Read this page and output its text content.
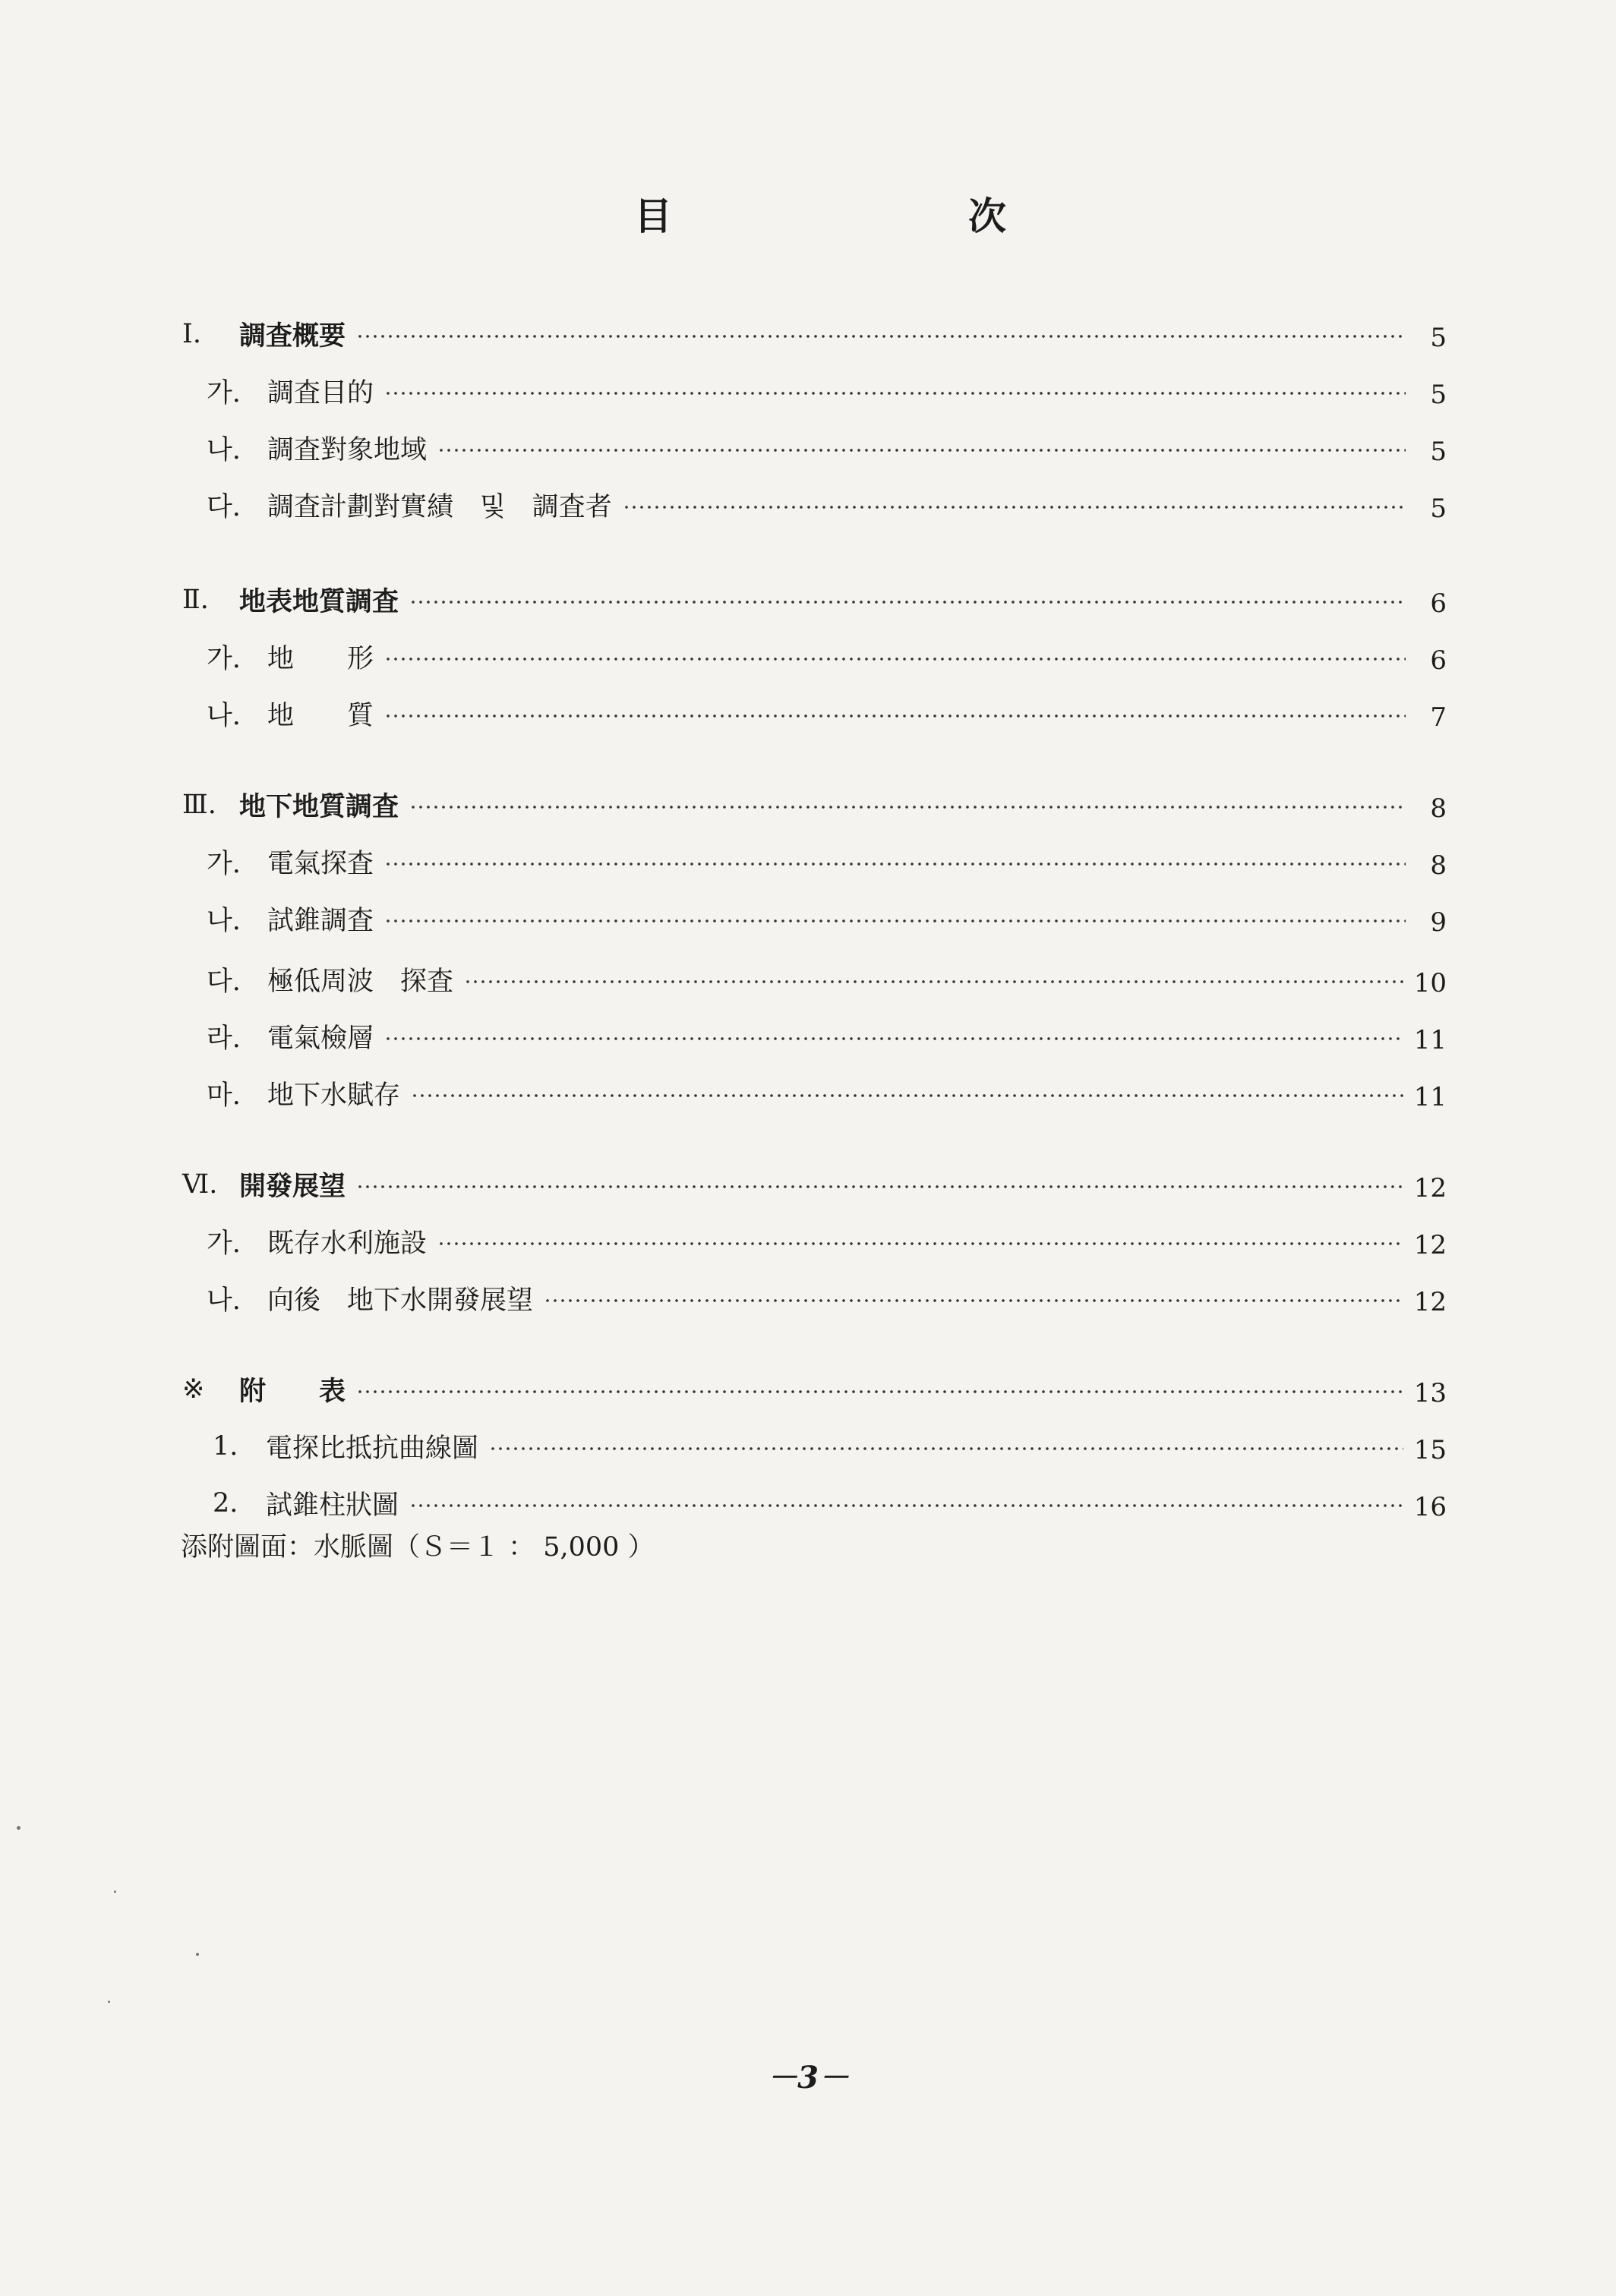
目	次
Ⅰ.	調査概要	5
가.	調査目的	5
나.	調査對象地域	5
다.	調査計劃對實績　및　調査者	5
Ⅱ.	地表地質調査	6
가.	地　　形	6
나.	地　　質	7
Ⅲ. 地下地質調査	8
가.	電氣探査	8
나.	試錐調査	9
다.	極低周波　探査	10
라.	電氣檢層	11
마.	地下水賦存	11
Ⅵ. 開發展望	12
가.	既存水利施設	12
나.	向後　地下水開發展望	12
※	附　　表	13
1.	電探比抵抗曲線圖	15
2.	試錐柱狀圖	16
添附圖面：水脈圖（Ｓ＝１ ： 5,000 ）
－3－
